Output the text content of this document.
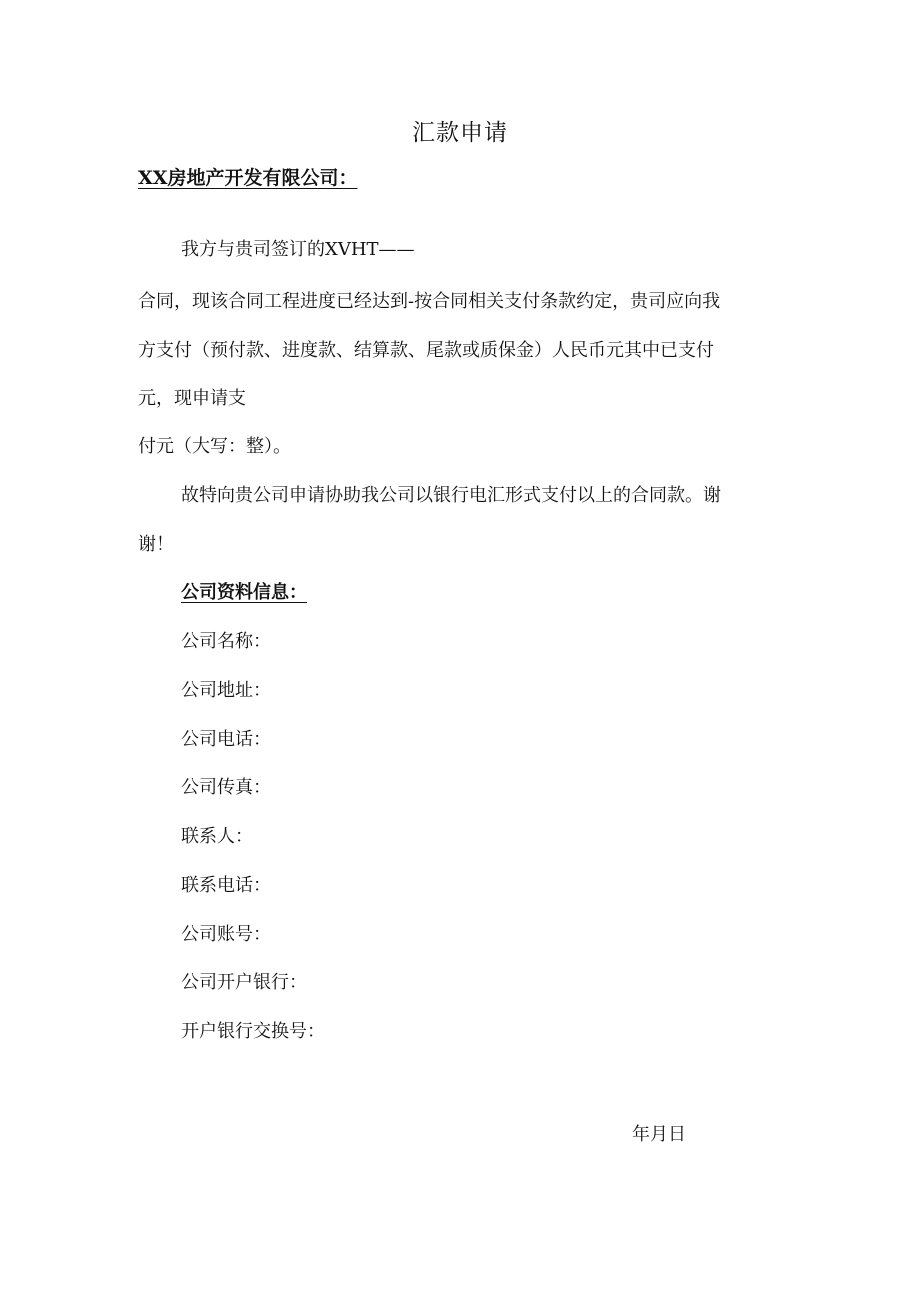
汇款申请
XX房地产开发有限公司：
我方与贵司签订的XVHT——
合同，现该合同工程进度已经达到-按合同相关支付条款约定，贵司应向我
方支付（预付款、进度款、结算款、尾款或质保金）人民币元其中已支付
元，现申请支
付元（大写：整）。
故特向贵公司申请协助我公司以银行电汇形式支付以上的合同款。谢
谢！
公司资料信息：
公司名称：
公司地址：
公司电话：
公司传真：
联系人：
联系电话：
公司账号：
公司开户银行：
开户银行交换号：
年月日
